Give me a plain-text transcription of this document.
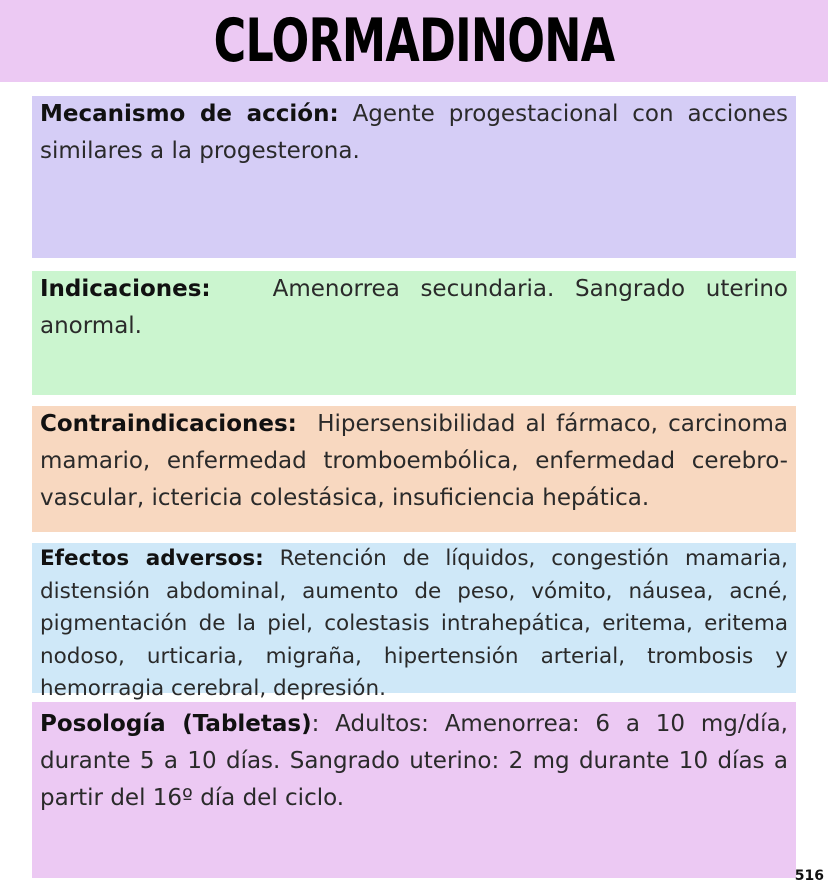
CLORMADINONA

Mecanismo de acción: Agente progestacional con acciones similares a la progesterona.

Indicaciones:	Amenorrea secundaria. Sangrado uterino anormal.

Contraindicaciones: Hipersensibilidad al fármaco, carcinoma mamario, enfermedad tromboembólica, enfermedad cerebro-vascular, ictericia colestásica, insuficiencia hepática.

Efectos adversos: Retención de líquidos, congestión mamaria, distensión abdominal, aumento de peso, vómito, náusea, acné, pigmentación de la piel, colestasis intrahepática, eritema, eritema nodoso, urticaria, migraña, hipertensión arterial, trombosis y hemorragia cerebral, depresión.

Posología (Tabletas): Adultos: Amenorrea: 6 a 10 mg/día, durante 5 a 10 días. Sangrado uterino: 2 mg durante 10 días a partir del 16º día del ciclo.

516
